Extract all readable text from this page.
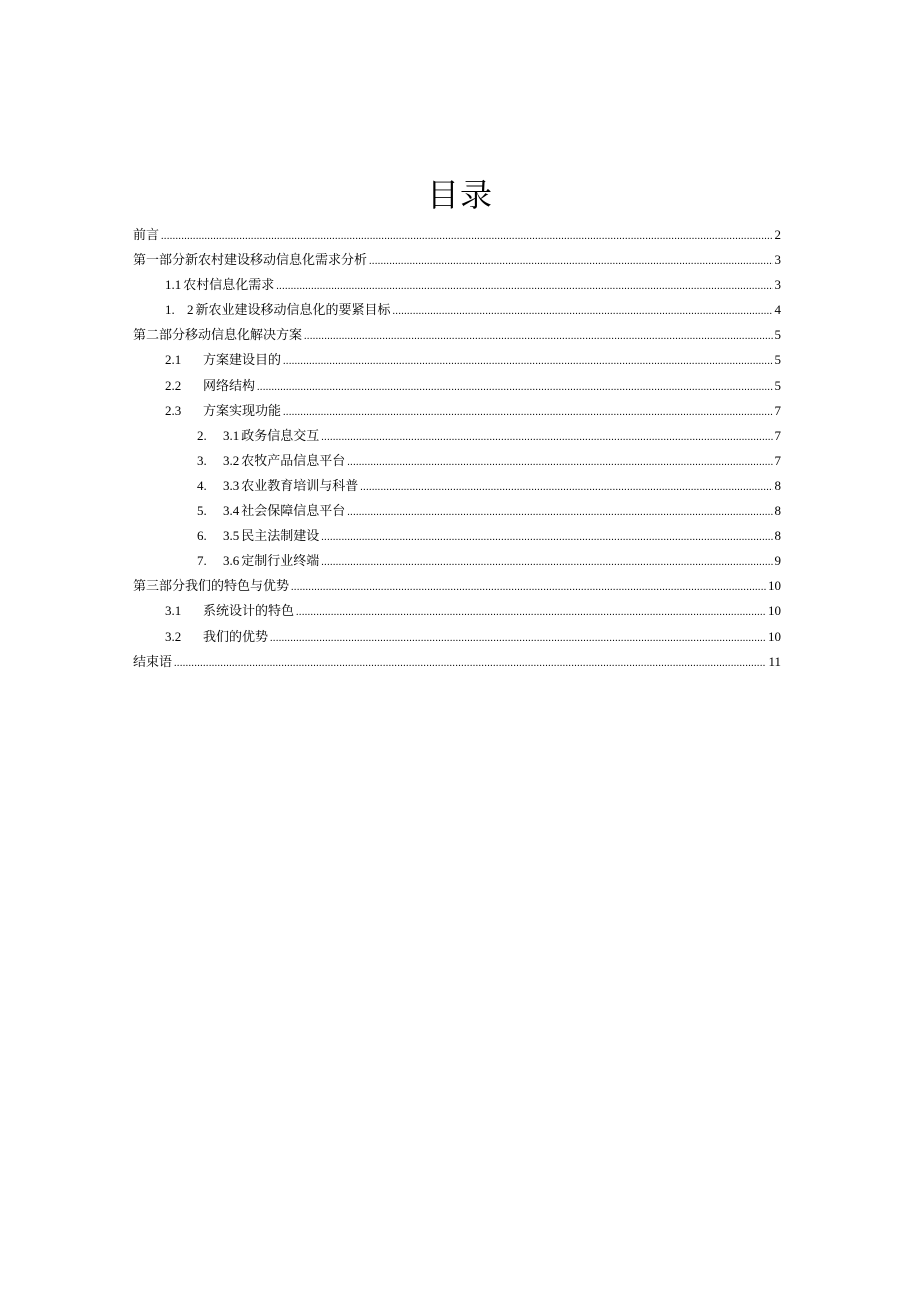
目录
前言 .....	2
第一部分新农村建设移动信息化需求分析 .....	3
1.1 农村信息化需求 .....	3
1. 2 新农业建设移动信息化的要紧目标 .....	4
第二部分移动信息化解决方案 .....	5
2.1	方案建设目的 .....	5
2.2	网络结构 .....	5
2.3	方案实现功能 .....	7
2.	3.1 政务信息交互 .....	7
3.	3.2 农牧产品信息平台 .....	7
4.	3.3 农业教育培训与科普 .....	8
5.	3.4 社会保障信息平台 .....	8
6.	3.5 民主法制建设 .....	8
7.	3.6 定制行业终端 .....	9
第三部分我们的特色与优势 .....	10
3.1	系统设计的特色 .....	10
3.2	我们的优势 .....	10
结束语 .....	11
